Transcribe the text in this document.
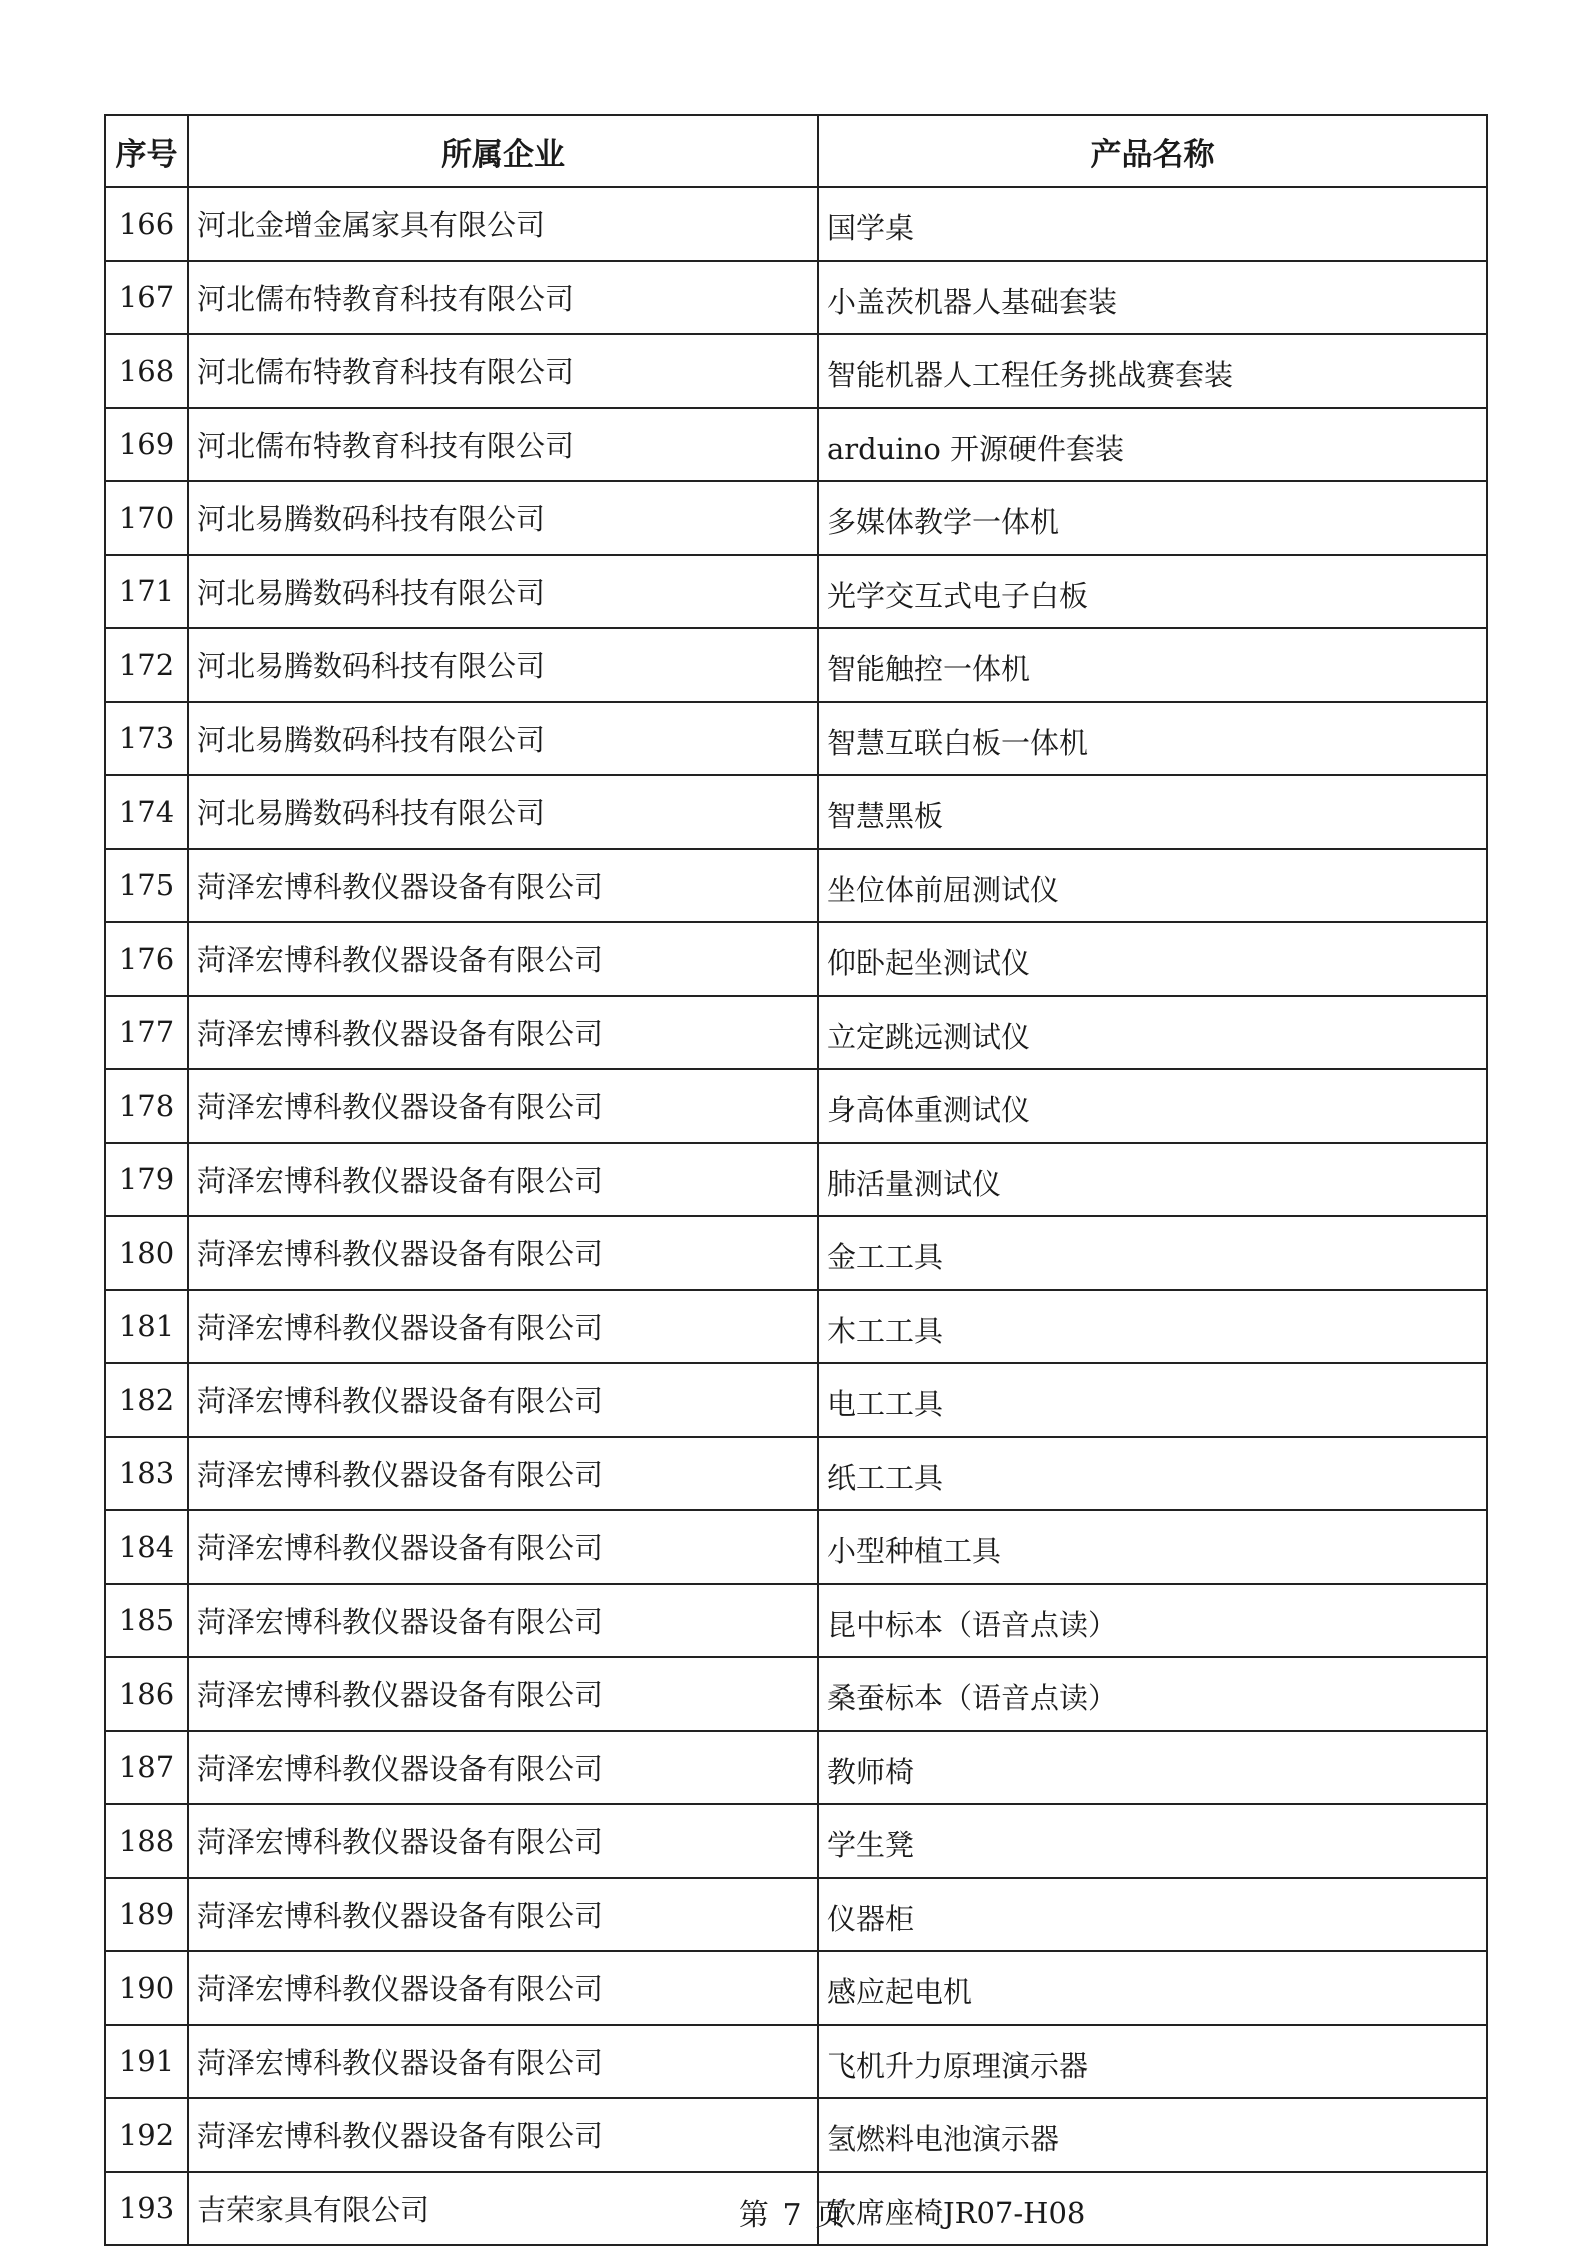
序号	所属企业	产品名称
166	河北金增金属家具有限公司	国学桌
167	河北儒布特教育科技有限公司	小盖茨机器人基础套装
168	河北儒布特教育科技有限公司	智能机器人工程任务挑战赛套装
169	河北儒布特教育科技有限公司	arduino 开源硬件套装
170	河北易腾数码科技有限公司	多媒体教学一体机
171	河北易腾数码科技有限公司	光学交互式电子白板
172	河北易腾数码科技有限公司	智能触控一体机
173	河北易腾数码科技有限公司	智慧互联白板一体机
174	河北易腾数码科技有限公司	智慧黑板
175	菏泽宏博科教仪器设备有限公司	坐位体前屈测试仪
176	菏泽宏博科教仪器设备有限公司	仰卧起坐测试仪
177	菏泽宏博科教仪器设备有限公司	立定跳远测试仪
178	菏泽宏博科教仪器设备有限公司	身高体重测试仪
179	菏泽宏博科教仪器设备有限公司	肺活量测试仪
180	菏泽宏博科教仪器设备有限公司	金工工具
181	菏泽宏博科教仪器设备有限公司	木工工具
182	菏泽宏博科教仪器设备有限公司	电工工具
183	菏泽宏博科教仪器设备有限公司	纸工工具
184	菏泽宏博科教仪器设备有限公司	小型种植工具
185	菏泽宏博科教仪器设备有限公司	昆中标本（语音点读）
186	菏泽宏博科教仪器设备有限公司	桑蚕标本（语音点读）
187	菏泽宏博科教仪器设备有限公司	教师椅
188	菏泽宏博科教仪器设备有限公司	学生凳
189	菏泽宏博科教仪器设备有限公司	仪器柜
190	菏泽宏博科教仪器设备有限公司	感应起电机
191	菏泽宏博科教仪器设备有限公司	飞机升力原理演示器
192	菏泽宏博科教仪器设备有限公司	氢燃料电池演示器
193	吉荣家具有限公司	软席座椅JR07-H08
第 7 页
